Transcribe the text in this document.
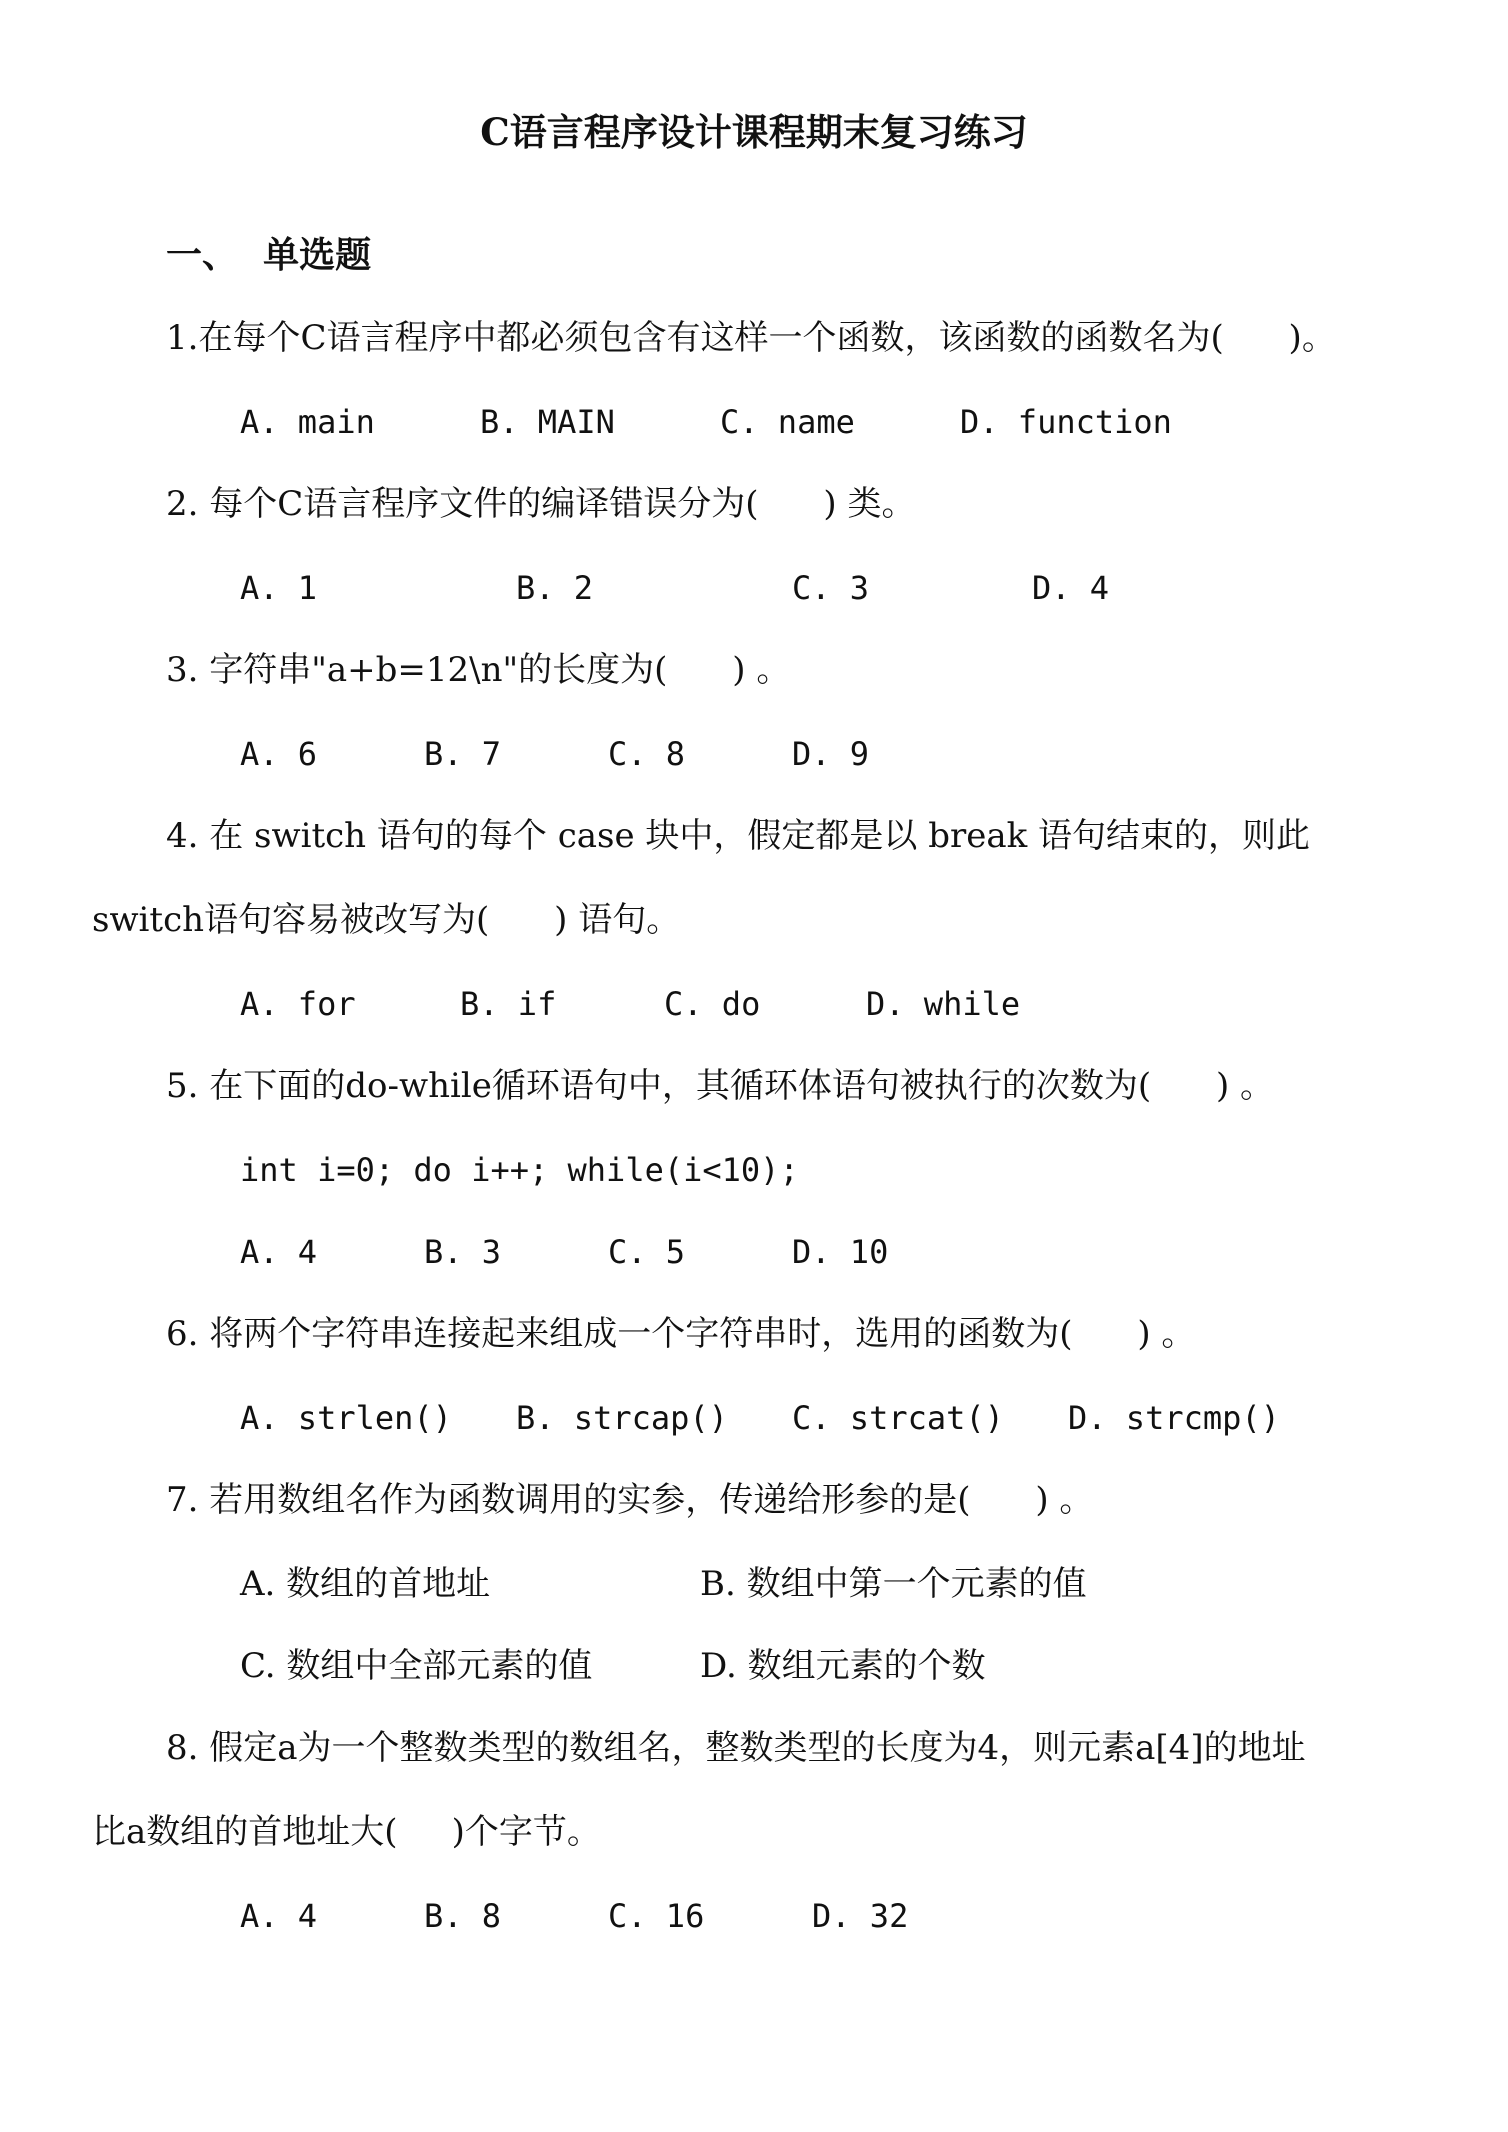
C语言程序设计课程期末复习练习
一、  单选题
1.在每个C语言程序中都必须包含有这样一个函数，该函数的函数名为(      )。
A. main	B. MAIN	C. name	D. function
2. 每个C语言程序文件的编译错误分为(      ) 类。
A. 1	B. 2	C. 3	D. 4
3. 字符串"a+b=12\n"的长度为(      ) 。
A. 6	B. 7	C. 8	D. 9
4. 在 switch 语句的每个 case 块中，假定都是以 break 语句结束的，则此
switch语句容易被改写为(      ) 语句。
A. for	B. if	C. do	D. while
5. 在下面的do-while循环语句中，其循环体语句被执行的次数为(      ) 。
int i=0; do i++; while(i<10);
A. 4	B. 3	C. 5	D. 10
6. 将两个字符串连接起来组成一个字符串时，选用的函数为(      ) 。
A. strlen() B. strcap() C. strcat() D. strcmp()
7. 若用数组名作为函数调用的实参，传递给形参的是(      ) 。
A. 数组的首地址	B. 数组中第一个元素的值
C. 数组中全部元素的值	D. 数组元素的个数
8. 假定a为一个整数类型的数组名，整数类型的长度为4，则元素a[4]的地址
比a数组的首地址大(     )个字节。
A. 4	B. 8	C. 16	D. 32
